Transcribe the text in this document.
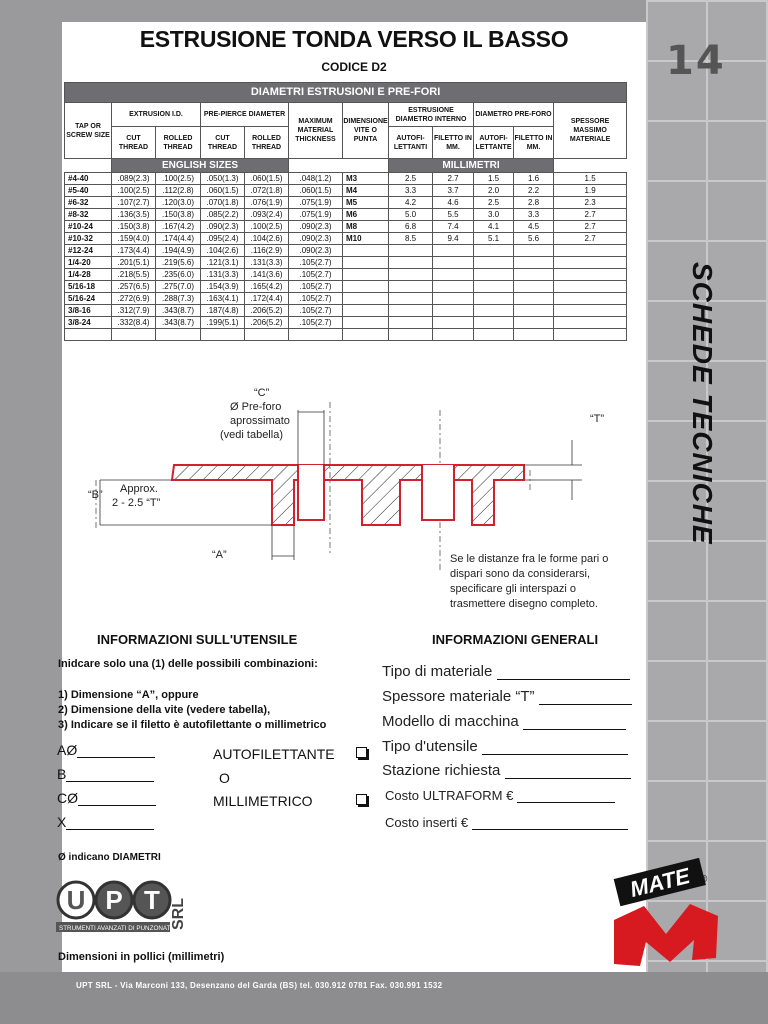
14
SCHEDE TECNICHE
ESTRUSIONE TONDA VERSO IL BASSO
CODICE D2
DIAMETRI ESTRUSIONI E PRE-FORI											
TAP OR SCREW SIZE	EXTRUSION I.D.		PRE-PIERCE DIAMETER		MAXIMUM MATERIAL THICKNESS	DIMENSIONE VITE O PUNTA	ESTRUSIONE DIAMETRO INTERNO		DIAMETRO PRE-FORO		SPESSORE MASSIMO MATERIALE
	CUT THREAD	ROLLED THREAD	CUT THREAD	ROLLED THREAD			AUTOFI- LETTANTI	FILETTO IN MM.	AUTOFI- LETTANTE	FILETTO IN MM.	
	ENGLISH SIZES						MILLIMETRI				
#4-40	.089(2.3)	.100(2.5)	.050(1.3)	.060(1.5)	.048(1.2)	M3	2.5	2.7	1.5	1.6	1.5
#5-40	.100(2.5)	.112(2.8)	.060(1.5)	.072(1.8)	.060(1.5)	M4	3.3	3.7	2.0	2.2	1.9
#6-32	.107(2.7)	.120(3.0)	.070(1.8)	.076(1.9)	.075(1.9)	M5	4.2	4.6	2.5	2.8	2.3
#8-32	.136(3.5)	.150(3.8)	.085(2.2)	.093(2.4)	.075(1.9)	M6	5.0	5.5	3.0	3.3	2.7
#10-24	.150(3.8)	.167(4.2)	.090(2.3)	.100(2.5)	.090(2.3)	M8	6.8	7.4	4.1	4.5	2.7
#10-32	.159(4.0)	.174(4.4)	.095(2.4)	.104(2.6)	.090(2.3)	M10	8.5	9.4	5.1	5.6	2.7
#12-24	.173(4.4)	.194(4.9)	.104(2.6)	.116(2.9)	.090(2.3)						
1/4-20	.201(5.1)	.219(5.6)	.121(3.1)	.131(3.3)	.105(2.7)						
1/4-28	.218(5.5)	.235(6.0)	.131(3.3)	.141(3.6)	.105(2.7)						
5/16-18	.257(6.5)	.275(7.0)	.154(3.9)	.165(4.2)	.105(2.7)						
5/16-24	.272(6.9)	.288(7.3)	.163(4.1)	.172(4.4)	.105(2.7)						
3/8-16	.312(7.9)	.343(8.7)	.187(4.8)	.206(5.2)	.105(2.7)						
3/8-24	.332(8.4)	.343(8.7)	.199(5.1)	.206(5.2)	.105(2.7)						

“C”
Ø Pre-foro
aprossimato
(vedi tabella)
“T”
“B” Approx.
2 - 2.5 “T”
“A”	Se le distanze fra le forme pari o
dispari sono da considerarsi,
specificare gli interspazi o
trasmettere disegno completo.
INFORMAZIONI SULL'UTENSILE
Inidcare solo una (1) delle possibili combinazioni:
1) Dimensione “A”, oppure
2) Dimensione della vite (vedere tabella),
3) Indicare se il filetto è autofilettante o millimetrico
AØ
B
CØ
X
AUTOFILETTANTE
O
MILLIMETRICO
INFORMAZIONI GENERALI
Tipo di materiale
Spessore materiale “T”
Modello di macchina
Tipo d'utensile
Stazione richiesta
Costo ULTRAFORM €
Costo inserti €
Ø indicano DIAMETRI
U P T
STRUMENTI AVANZATI DI PUNZONATURA
SRL
Dimensioni in pollici (millimetri)
MATE ®
UPT SRL - Via Marconi 133, Desenzano del Garda (BS) tel. 030.912 0781 Fax. 030.991 1532
